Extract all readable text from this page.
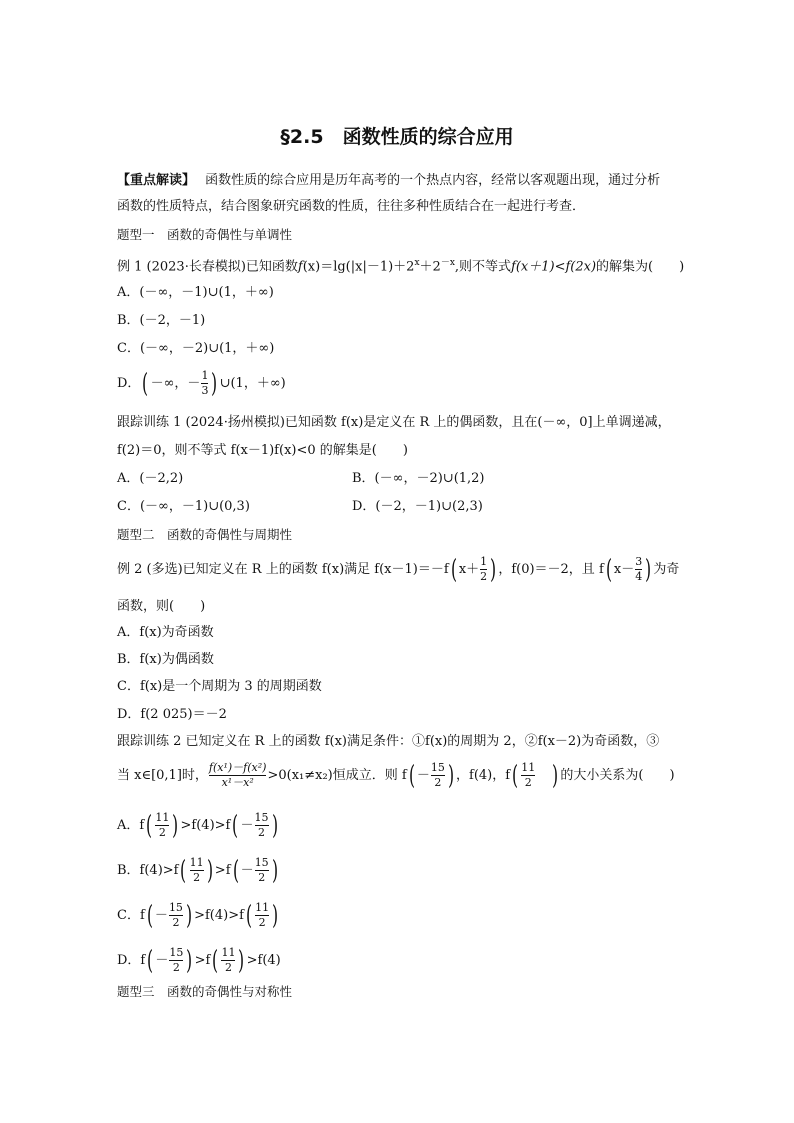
§2.5　函数性质的综合应用
【重点解读】 函数性质的综合应用是历年高考的一个热点内容，经常以客观题出现，通过分析
函数的性质特点，结合图象研究函数的性质，往往多种性质结合在一起进行考查．
题型一　函数的奇偶性与单调性
例 1 (2023·长春模拟)已知函数$f(x)=\lg(|x|-1)+2^x+2^{-x}$,则不等式f(x＋1)<f(2x)的解集为(　　)
A．(－∞，－1)∪(1，＋∞)
B．(－2，－1)
C．(－∞，－2)∪(1，＋∞)
D．( －∞，－ $\frac{1}{3}$ ) ∪(1，＋∞)
跟踪训练 1 (2024·扬州模拟)已知函数 f(x)是定义在 R 上的偶函数，且在(－∞，0]上单调递减，
f(2)＝0，则不等式 f(x－1)f(x)<0 的解集是(　　)
A．(－2,2)	B．(－∞，－2)∪(1,2)
C．(－∞，－1)∪(0,3)	D．(－2，－1)∪(2,3)
题型二　函数的奇偶性与周期性
例 2 (多选)已知定义在 R 上的函数 f(x)满足 f(x－1)＝－f( $x+ \frac{1}{2}$ ) ，f(0)＝－2，且 f( $x- \frac{3}{4}$ ) 为奇
函数，则(　　)
A．f(x)为奇函数
B．f(x)为偶函数
C．f(x)是一个周期为 3 的周期函数
D．f(2 025)＝－2
跟踪训练 2 已知定义在 R 上的函数 f(x)满足条件：①f(x)的周期为 2，②f(x－2)为奇函数，③
当 x∈[0,1]时， $\frac{\text{f(x¹)－f(x²)}}{\text{x¹－x²}} >0(x_1\ne x_2)$恒成立．则 $f( - \frac{15}{2}$ ) ，f(4)，$f( \frac{11}{2}$ ) 的大小关系为(　　)
A．$f( \frac{11}{2}$ ) $>f(4)>f( - \frac{15}{2}$ )
B．$f(4)>f( \frac{11}{2}$ ) $>f( - \frac{15}{2}$ )
C．$f( - \frac{15}{2}$ ) $>f(4)>f( \frac{11}{2}$ )
D．$f( - \frac{15}{2}$ ) $>f( \frac{11}{2}$ ) >f(4)
题型三　函数的奇偶性与对称性
